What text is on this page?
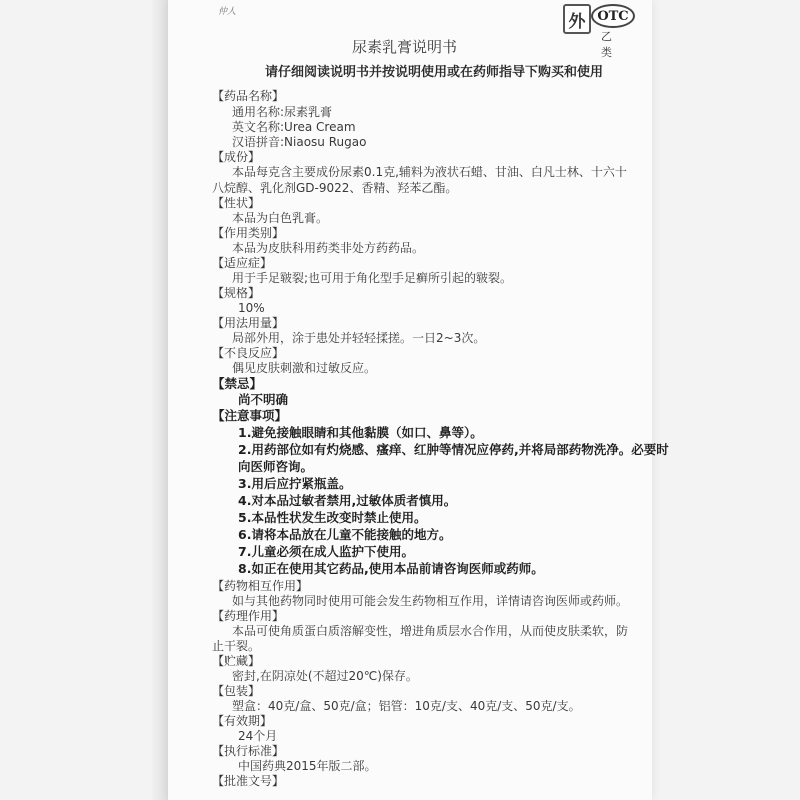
仲人	外 OTC
乙类
尿素乳膏说明书
请仔细阅读说明书并按说明使用或在药师指导下购买和使用
【药品名称】
通用名称:尿素乳膏
英文名称:Urea Cream
汉语拼音:Niaosu Rugao
【成份】
本品每克含主要成份尿素0.1克,辅料为液状石蜡、甘油、白凡士林、十六十
八烷醇、乳化剂GD-9022、香精、羟苯乙酯。
【性状】
本品为白色乳膏。
【作用类别】
本品为皮肤科用药类非处方药药品。
【适应症】
用于手足皲裂;也可用于角化型手足癣所引起的皲裂。
【规格】
10%
【用法用量】
局部外用，涂于患处并轻轻揉搓。一日2~3次。
【不良反应】
偶见皮肤刺激和过敏反应。
【禁忌】
尚不明确
【注意事项】
1.避免接触眼睛和其他黏膜（如口、鼻等）。
2.用药部位如有灼烧感、瘙痒、红肿等情况应停药,并将局部药物洗净。必要时
向医师咨询。
3.用后应拧紧瓶盖。
4.对本品过敏者禁用,过敏体质者慎用。
5.本品性状发生改变时禁止使用。
6.请将本品放在儿童不能接触的地方。
7.儿童必须在成人监护下使用。
8.如正在使用其它药品,使用本品前请咨询医师或药师。
【药物相互作用】
如与其他药物同时使用可能会发生药物相互作用，详情请咨询医师或药师。
【药理作用】
本品可使角质蛋白质溶解变性，增进角质层水合作用，从而使皮肤柔软，防
止干裂。
【贮藏】
密封,在阴凉处(不超过20℃)保存。
【包装】
塑盒：40克/盒、50克/盒；铝管：10克/支、40克/支、50克/支。
【有效期】
24个月
【执行标准】
中国药典2015年版二部。
【批准文号】
